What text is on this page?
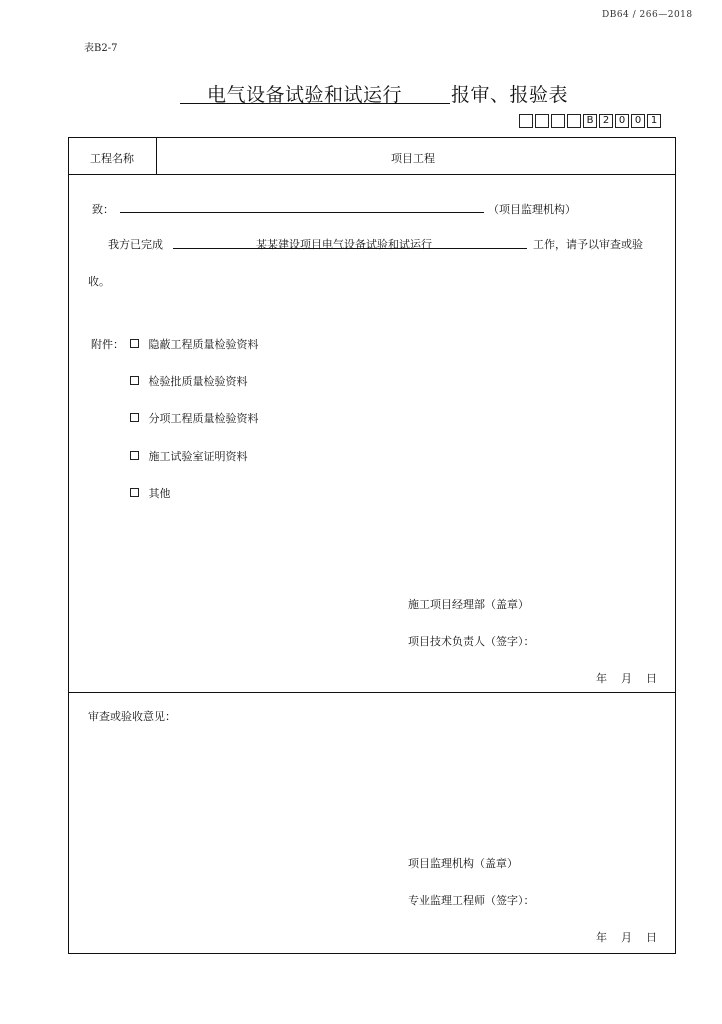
DB64 / 266—2018
表B2-7
电气设备试验和试运行	报审、报验表
B 2 0 0 1
工程名称	项目工程
致：	（项目监理机构）
我方已完成	某某建设项目电气设备试验和试运行	工作，请予以审查或验
收。
附件：	隐蔽工程质量检验资料
检验批质量检验资料
分项工程质量检验资料
施工试验室证明资料
其他
施工项目经理部（盖章）
项目技术负责人（签字）：
年    月    日
审查或验收意见：
项目监理机构（盖章）
专业监理工程师（签字）：
年    月    日
